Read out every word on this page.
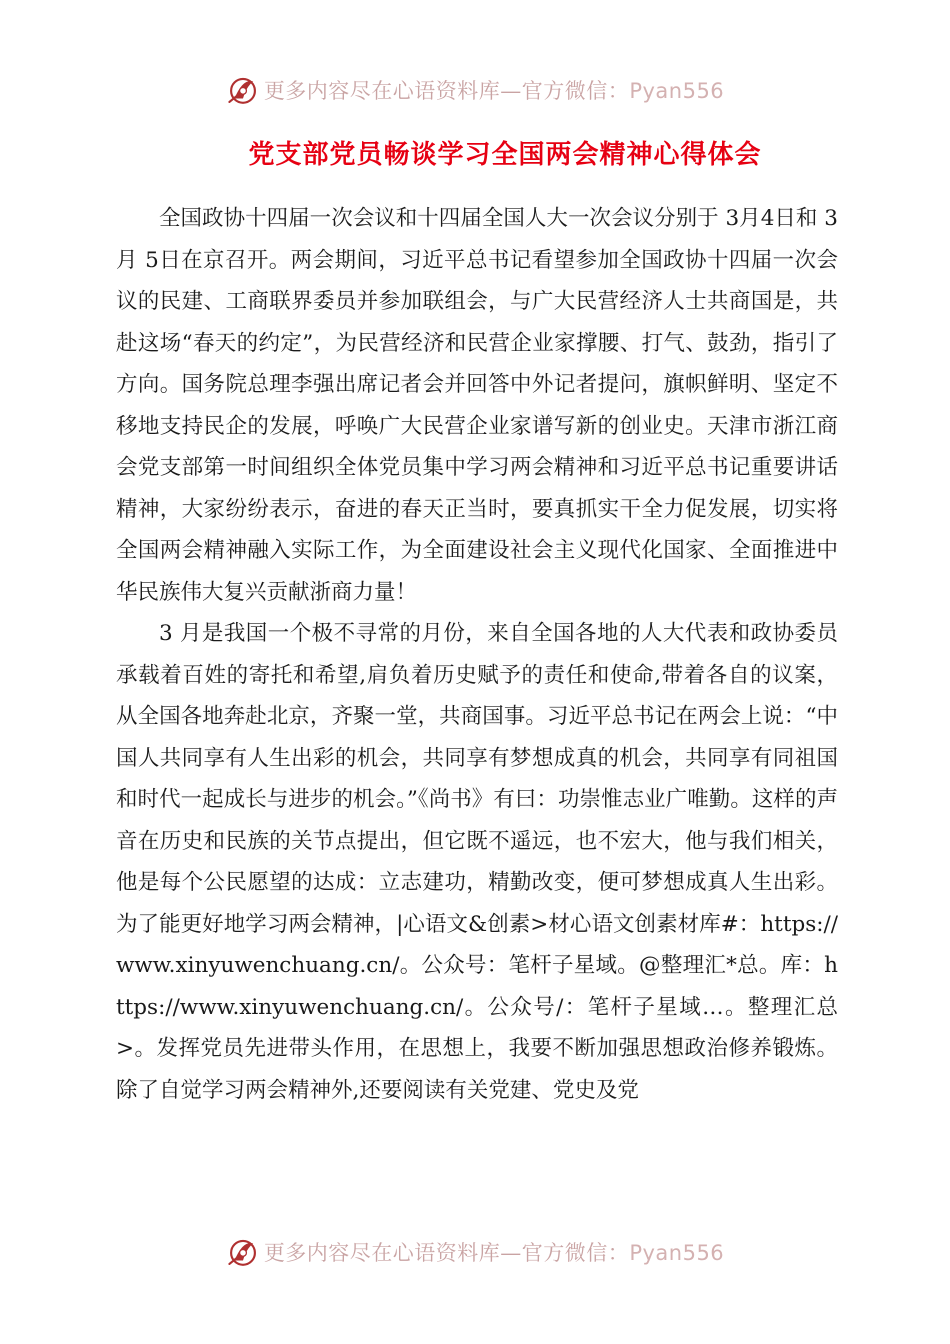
更多内容尽在心语资料库—官方微信：Pyan556
党支部党员畅谈学习全国两会精神心得体会

全国政协十四届一次会议和十四届全国人大一次会议分别于 3月4日和 3月 5日在京召开。两会期间，习近平总书记看望参加全国政协十四届一次会议的民建、工商联界委员并参加联组会，与广大民营经济人士共商国是，共赴这场“春天的约定”，为民营经济和民营企业家撑腰、打气、鼓劲，指引了方向。国务院总理李强出席记者会并回答中外记者提问，旗帜鲜明、坚定不移地支持民企的发展，呼唤广大民营企业家谱写新的创业史。天津市浙江商会党支部第一时间组织全体党员集中学习两会精神和习近平总书记重要讲话精神，大家纷纷表示，奋进的春天正当时，要真抓实干全力促发展，切实将全国两会精神融入实际工作，为全面建设社会主义现代化国家、全面推进中华民族伟大复兴贡献浙商力量！

3 月是我国一个极不寻常的月份，来自全国各地的人大代表和政协委员承载着百姓的寄托和希望,肩负着历史赋予的责任和使命,带着各自的议案，从全国各地奔赴北京，齐聚一堂，共商国事。习近平总书记在两会上说：“中国人共同享有人生出彩的机会，共同享有梦想成真的机会，共同享有同祖国和时代一起成长与进步的机会。”《尚书》有曰：功崇惟志业广唯勤。这样的声音在历史和民族的关节点提出，但它既不遥远，也不宏大，他与我们相关，他是每个公民愿望的达成：立志建功，精勤改变，便可梦想成真人生出彩。为了能更好地学习两会精神，|心语文&创素>材心语文创素材库#：https://www.xinyuwenchuang.cn/。公众号：笔杆子星域。@整理汇*总。库：https://www.xinyuwenchuang.cn/。公众号/：笔杆子星域…。整理汇总>。发挥党员先进带头作用，在思想上，我要不断加强思想政治修养锻炼。除了自觉学习两会精神外,还要阅读有关党建、党史及党

更多内容尽在心语资料库—官方微信：Pyan556
